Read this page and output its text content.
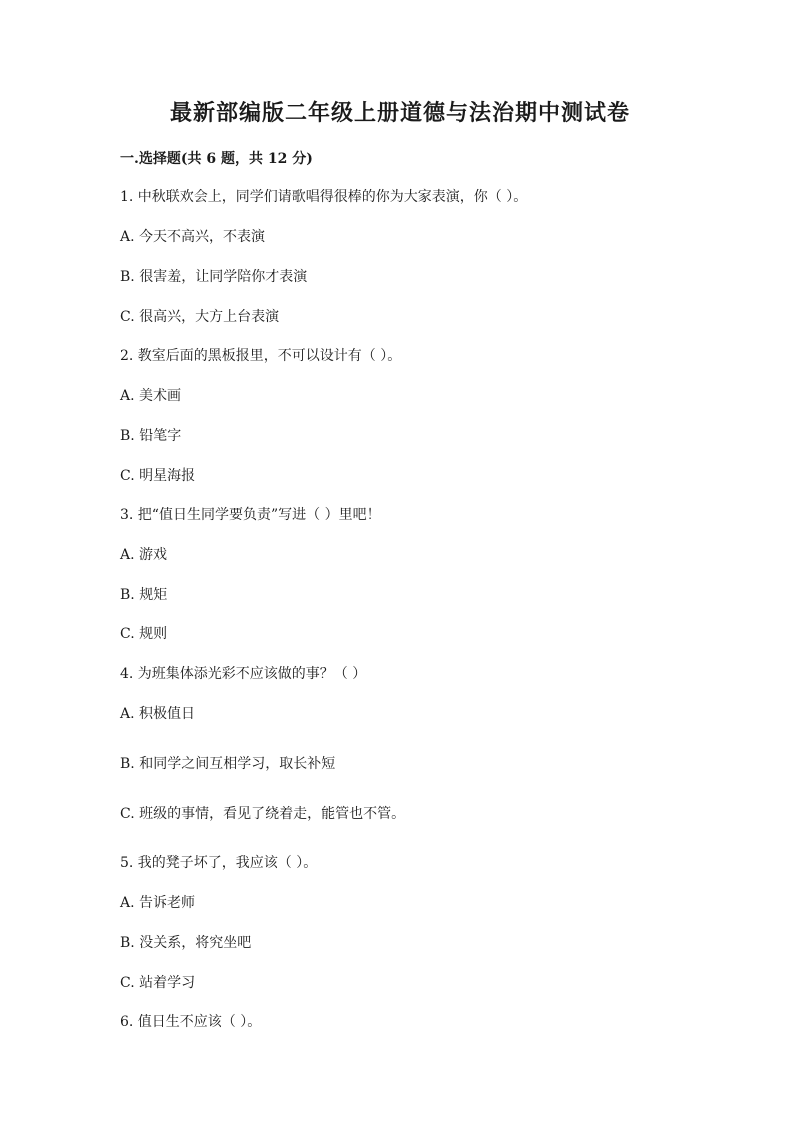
最新部编版二年级上册道德与法治期中测试卷
一.选择题(共 6 题，共 12 分)
1. 中秋联欢会上，同学们请歌唱得很棒的你为大家表演，你（ ）。
A. 今天不高兴，不表演
B. 很害羞，让同学陪你才表演
C. 很高兴，大方上台表演
2. 教室后面的黑板报里，不可以设计有（ ）。
A. 美术画
B. 铅笔字
C. 明星海报
3. 把“值日生同学要负责”写进（ ）里吧！
A. 游戏
B. 规矩
C. 规则
4. 为班集体添光彩不应该做的事？（ ）
A. 积极值日
B. 和同学之间互相学习，取长补短
C. 班级的事情，看见了绕着走，能管也不管。
5. 我的凳子坏了，我应该（ ）。
A. 告诉老师
B. 没关系，将究坐吧
C. 站着学习
6. 值日生不应该（ ）。
